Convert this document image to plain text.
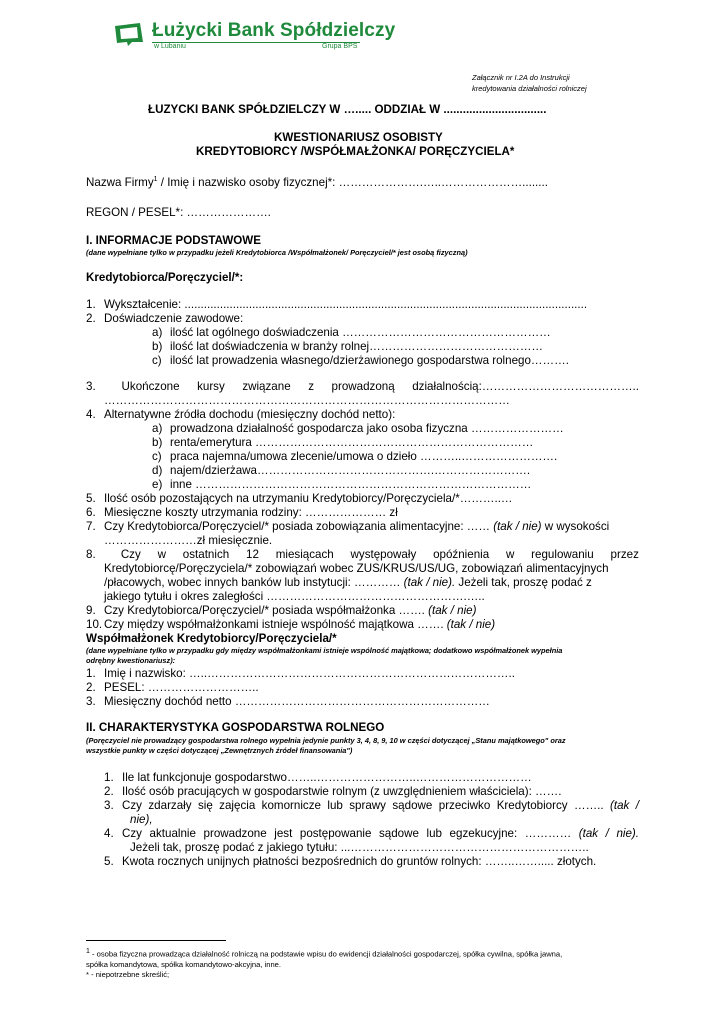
Łużycki Bank Spółdzielczy
w Lubaniu	Grupa BPS
Załącznik nr I.2A do Instrukcji
kredytowania działalności rolniczej
ŁUZYCKI BANK SPÓŁDZIELCZY W …..... ODDZIAŁ W ................................
KWESTIONARIUSZ OSOBISTY
KREDYTOBIORCY /WSPÓŁMAŁŻONKA/ PORĘCZYCIELA*
Nazwa Firmy$^1$ / Imię i nazwisko osoby fizycznej*: ………………….…..…………………........
REGON / PESEL*: ………………….
I. INFORMACJE PODSTAWOWE
(dane wypełniane tylko w przypadku jeżeli Kredytobiorca /Współmałżonek/ Poręczyciel/* jest osobą fizyczną)
Kredytobiorca/Poręczyciel/*:
1. Wykształcenie: .............................................................................................................................
2. Doświadczenie zawodowe:
a) ilość lat ogólnego doświadczenia ………………………………………………
b) ilość lat doświadczenia w branży rolnej………………………………………
c) ilość lat prowadzenia własnego/dzierżawionego gospodarstwa rolnego……….
3. Ukończone kursy związane z prowadzoną działalnością:…………………………………..
……………………………………………………………………………………………
4. Alternatywne źródła dochodu (miesięczny dochód netto):
a) prowadzona działalność gospodarcza jako osoba fizyczna ……………………
b) renta/emerytura ………………………………………………………………
c) praca najemna/umowa zlecenie/umowa o dzieło ………..…………………….
d) najem/dzierżawa……………………………………….…………………….
e) inne ……………………………………………………………………………
5. Ilość osób pozostających na utrzymaniu Kredytobiorcy/Poręczyciela/*………..…
6. Miesięczne koszty utrzymania rodziny: ………………… zł
7. Czy Kredytobiorca/Poręczyciel/* posiada zobowiązania alimentacyjne: …… (tak / nie) w wysokości
……………………zł miesięcznie.
8. Czy w ostatnich 12 miesiącach występowały opóźnienia w regulowaniu przez
Kredytobiorcę/Poręczyciela/* zobowiązań wobec ZUS/KRUS/US/UG, zobowiązań alimentacyjnych
/płacowych, wobec innych banków lub instytucji: ………… (tak / nie). Jeżeli tak, proszę podać z
jakiego tytułu i okres zaległości …………………………………………….…..
9. Czy Kredytobiorca/Poręczyciel/* posiada współmałżonka ……. (tak / nie)
10. Czy między współmałżonkami istnieje wspólność majątkowa ……. (tak / nie)
Współmałżonek Kredytobiorcy/Poręczyciela/*
(dane wypełniane tylko w przypadku gdy między współmałżonkami istnieje wspólność majątkowa; dodatkowo współmałżonek wypełnia
odrębny kwestionariusz):
1. Imię i nazwisko: …..……………………………………………………………………..
2. PESEL: ………………………..
3. Miesięczny dochód netto …………………………………………………………
II. CHARAKTERYSTYKA GOSPODARSTWA ROLNEGO
(Poręczyciel nie prowadzący gospodarstwa rolnego wypełnia jedynie punkty 3, 4, 8, 9, 10 w części dotyczącej „Stanu majątkowego" oraz
wszystkie punkty w części dotyczącej „Zewnętrznych źródeł finansowania")
1. Ile lat funkcjonuje gospodarstwo……..……………………..…………………………
2. Ilość osób pracujących w gospodarstwie rolnym (z uwzględnieniem właściciela): …….
3. Czy zdarzały się zajęcia komornicze lub sprawy sądowe przeciwko Kredytobiorcy …….. (tak /
nie),
4. Czy aktualnie prowadzone jest postępowanie sądowe lub egzekucyjne: ………… (tak / nie).
Jeżeli tak, proszę podać z jakiego tytułu: ...……………………………………………………..
5. Kwota rocznych unijnych płatności bezpośrednich do gruntów rolnych: ……..……..... złotych.
$^1$ - osoba fizyczna prowadząca działalność rolniczą na podstawie wpisu do ewidencji działalności gospodarczej, spółka cywilna, spółka jawna,
spółka komandytowa, spółka komandytowo-akcyjna, inne.
* - niepotrzebne skreślić;
